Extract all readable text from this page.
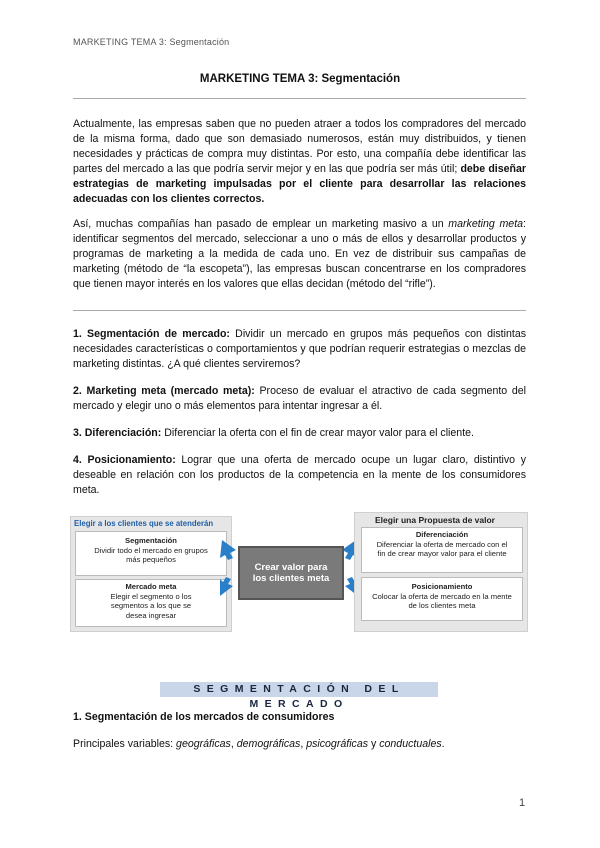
MARKETING TEMA 3: Segmentación
MARKETING TEMA 3: Segmentación
Actualmente, las empresas saben que no pueden atraer a todos los compradores del mercado de la misma forma, dado que son demasiado numerosos, están muy distribuidos, y tienen necesidades y prácticas de compra muy distintas. Por esto, una compañía debe identificar las partes del mercado a las que podría servir mejor y en las que podría ser más útil; debe diseñar estrategias de marketing impulsadas por el cliente para desarrollar las relaciones adecuadas con los clientes correctos.
Así, muchas compañías han pasado de emplear un marketing masivo a un marketing meta: identificar segmentos del mercado, seleccionar a uno o más de ellos y desarrollar productos y programas de marketing a la medida de cada uno. En vez de distribuir sus campañas de marketing (método de “la escopeta”), las empresas buscan concentrarse en los compradores que tienen mayor interés en los valores que ellas decidan (método del “rifle”).
1. Segmentación de mercado: Dividir un mercado en grupos más pequeños con distintas necesidades características o comportamientos y que podrían requerir estrategias o mezclas de marketing distintas. ¿A qué clientes serviremos?
2. Marketing meta (mercado meta): Proceso de evaluar el atractivo de cada segmento del mercado y elegir uno o más elementos para intentar ingresar a él.
3. Diferenciación: Diferenciar la oferta con el fin de crear mayor valor para el cliente.
4. Posicionamiento: Lograr que una oferta de mercado ocupe un lugar claro, distintivo y deseable en relación con los productos de la competencia en la mente de los consumidores meta.
Elegir a los clientes que se atenderán
Segmentación
Dividir todo el mercado en grupos más pequeños
Mercado meta
Elegir el segmento o los segmentos a los que se desea ingresar
Crear valor para los clientes meta
Elegir una Propuesta de valor
Diferenciación
Diferenciar la oferta de mercado con el fin de crear mayor valor para el cliente
Posicionamiento
Colocar la oferta de mercado en la mente de los clientes meta
SEGMENTACIÓN DEL MERCADO
1. Segmentación de los mercados de consumidores
Principales variables: geográficas, demográficas, psicográficas y conductuales.
1
